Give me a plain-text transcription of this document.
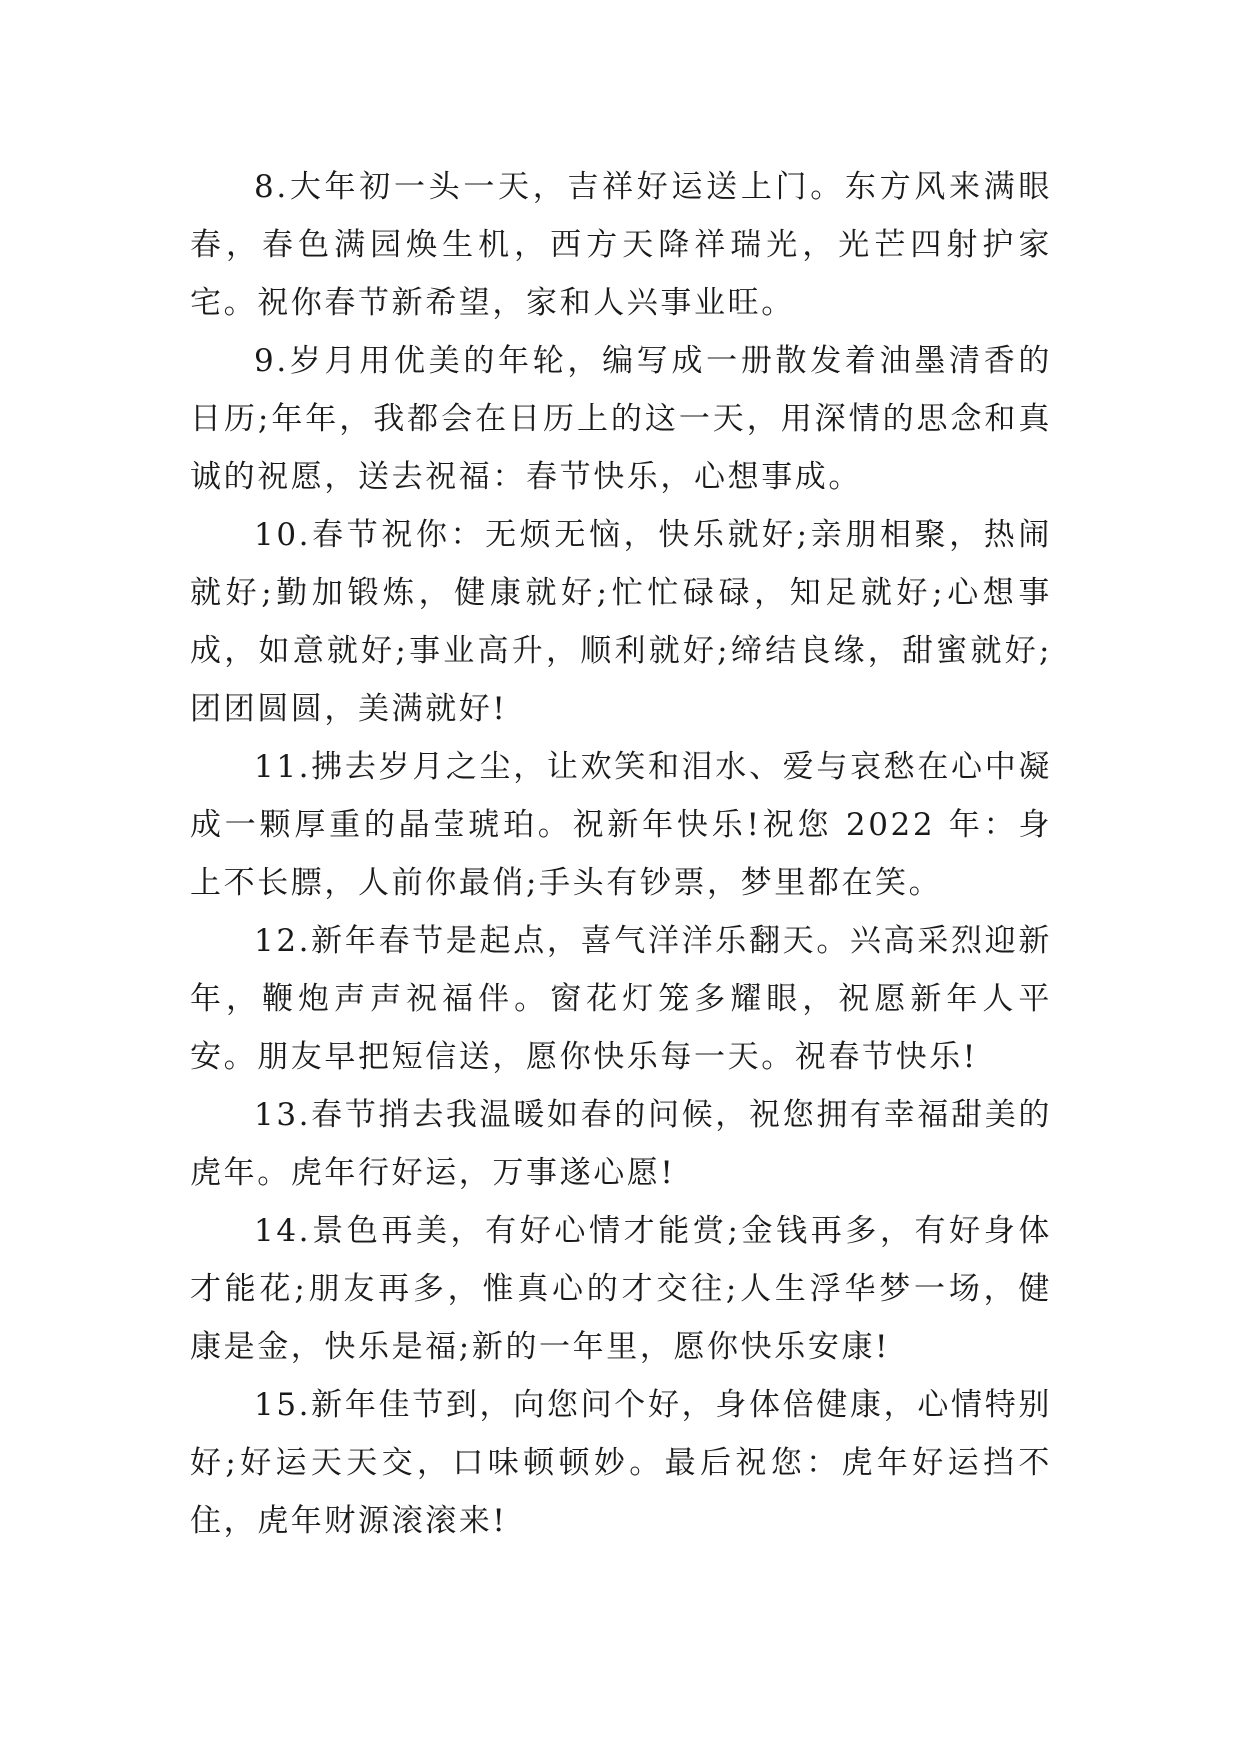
8.大年初一头一天，吉祥好运送上门。东方风来满眼春，春色满园焕生机，西方天降祥瑞光，光芒四射护家宅。祝你春节新希望，家和人兴事业旺。

9.岁月用优美的年轮，编写成一册散发着油墨清香的日历;年年，我都会在日历上的这一天，用深情的思念和真诚的祝愿，送去祝福：春节快乐，心想事成。

10.春节祝你：无烦无恼，快乐就好;亲朋相聚，热闹就好;勤加锻炼，健康就好;忙忙碌碌，知足就好;心想事成，如意就好;事业高升，顺利就好;缔结良缘，甜蜜就好;团团圆圆，美满就好!

11.拂去岁月之尘，让欢笑和泪水、爱与哀愁在心中凝成一颗厚重的晶莹琥珀。祝新年快乐!祝您 2022 年：身上不长膘，人前你最俏;手头有钞票，梦里都在笑。

12.新年春节是起点，喜气洋洋乐翻天。兴高采烈迎新年，鞭炮声声祝福伴。窗花灯笼多耀眼，祝愿新年人平安。朋友早把短信送，愿你快乐每一天。祝春节快乐!

13.春节捎去我温暖如春的问候，祝您拥有幸福甜美的虎年。虎年行好运，万事遂心愿!

14.景色再美，有好心情才能赏;金钱再多，有好身体才能花;朋友再多，惟真心的才交往;人生浮华梦一场，健康是金，快乐是福;新的一年里，愿你快乐安康!

15.新年佳节到，向您问个好，身体倍健康，心情特别好;好运天天交，口味顿顿妙。最后祝您：虎年好运挡不住，虎年财源滚滚来!
